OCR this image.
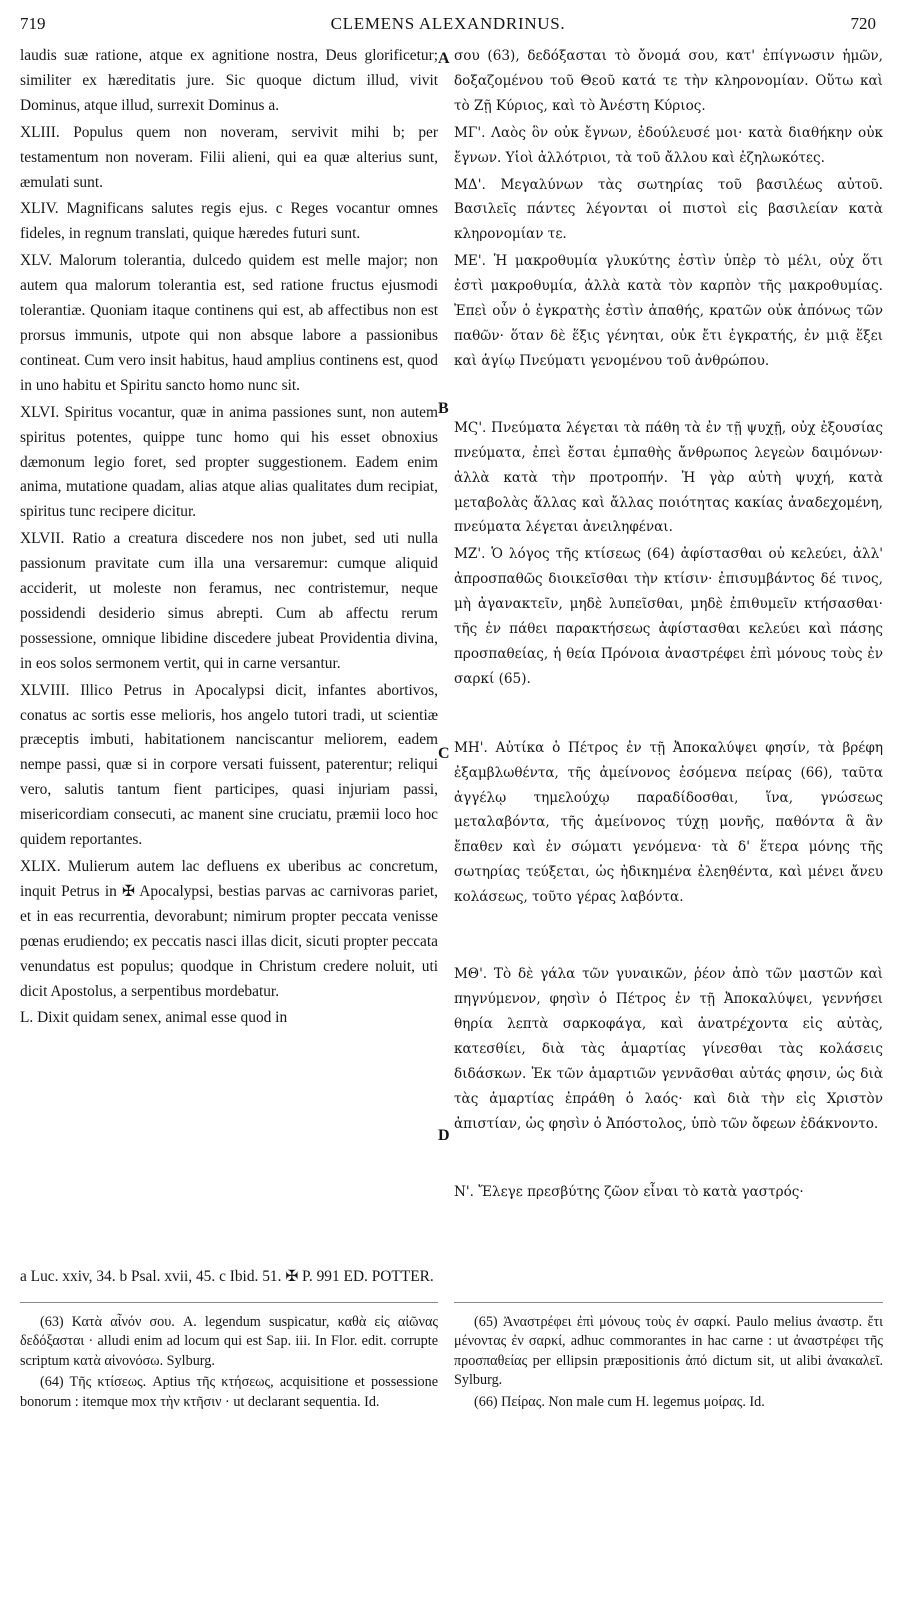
719	CLEMENS ALEXANDRINUS.	720

laudis suæ ratione, atque ex agnitione nostra, Deus glorificetur; similiter ex hæreditatis jure. Sic quoque dictum illud, vivit Dominus, atque illud, surrexit Dominus a.

XLIII. Populus quem non noveram, servivit mihi b; per testamentum non noveram. Filii alieni, qui ea quæ alterius sunt, æmulati sunt.

XLIV. Magnificans salutes regis ejus. c Reges vocantur omnes fideles, in regnum translati, quique hæredes futuri sunt.

XLV. Malorum tolerantia, dulcedo quidem est melle major; non autem qua malorum tolerantia est, sed ratione fructus ejusmodi tolerantiæ. Quoniam itaque continens qui est, ab affectibus non est prorsus immunis, utpote qui non absque labore a passionibus contineat. Cum vero insit habitus, haud amplius continens est, quod in uno habitu et Spiritu sancto homo nunc sit.

XLVI. Spiritus vocantur, quæ in anima passiones sunt, non autem spiritus potentes, quippe tunc homo qui his esset obnoxius dæmonum legio foret, sed propter suggestionem. Eadem enim anima, mutatione quadam, alias atque alias qualitates dum recipiat, spiritus tunc recipere dicitur.

XLVII. Ratio a creatura discedere nos non jubet, sed uti nulla passionum pravitate cum illa una versaremur: cumque aliquid acciderit, ut moleste non feramus, nec contristemur, neque possidendi desiderio simus abrepti. Cum ab affectu rerum possessione, omnique libidine discedere jubeat Providentia divina, in eos solos sermonem vertit, qui in carne versantur.

XLVIII. Illico Petrus in Apocalypsi dicit, infantes abortivos, conatus ac sortis esse melioris, hos angelo tutori tradi, ut scientiæ præceptis imbuti, habitationem nanciscantur meliorem, eadem nempe passi, quæ si in corpore versati fuissent, paterentur; reliqui vero, salutis tantum fient participes, quasi injuriam passi, misericordiam consecuti, ac manent sine cruciatu, præmii loco hoc quidem reportantes.

XLIX. Mulierum autem lac defluens ex uberibus ac concretum, inquit Petrus in ✠ Apocalypsi, bestias parvas ac carnivoras pariet, et in eas recurrentia, devorabunt; nimirum propter peccata venisse pœnas erudiendo; ex peccatis nasci illas dicit, sicuti propter peccata venundatus est populus; quodque in Christum credere noluit, uti dicit Apostolus, a serpentibus mordebatur.

L. Dixit quidam senex, animal esse quod in

σου (63), δεδόξασται τὸ ὄνομά σου, κατ' ἐπίγνωσιν ἡμῶν, δοξαζομένου τοῦ Θεοῦ κατά τε τὴν κληρονομίαν. Οὕτω καὶ τὸ Ζῇ Κύριος, καὶ τὸ Ἀνέστη Κύριος.

ΜΓ'. Λαὸς ὃν οὐκ ἔγνων, ἐδούλευσέ μοι· κατὰ διαθήκην οὐκ ἔγνων. Υἱοὶ ἀλλότριοι, τὰ τοῦ ἄλλου καὶ ἐζηλωκότες.

ΜΔ'. Μεγαλύνων τὰς σωτηρίας τοῦ βασιλέως αὐτοῦ. Βασιλεῖς πάντες λέγονται οἱ πιστοὶ εἰς βασιλείαν κατὰ κληρονομίαν τε.

ΜΕ'. Ἡ μακροθυμία γλυκύτης ἐστὶν ὑπὲρ τὸ μέλι, οὐχ ὅτι ἐστὶ μακροθυμία, ἀλλὰ κατὰ τὸν καρπὸν τῆς μακροθυμίας. Ἐπεὶ οὖν ὁ ἐγκρατὴς ἐστὶν ἀπαθής, κρατῶν οὐκ ἀπόνως τῶν παθῶν· ὅταν δὲ ἕξις γένηται, οὐκ ἔτι ἐγκρατής, ἐν μιᾷ ἕξει καὶ ἁγίῳ Πνεύματι γενομένου τοῦ ἀνθρώπου.

ΜϚ'. Πνεύματα λέγεται τὰ πάθη τὰ ἐν τῇ ψυχῇ, οὐχ ἐξουσίας πνεύματα, ἐπεὶ ἔσται ἐμπαθὴς ἄνθρωπος λεγεὼν δαιμόνων· ἀλλὰ κατὰ τὴν προτροπήν. Ἡ γὰρ αὐτὴ ψυχή, κατὰ μεταβολὰς ἄλλας καὶ ἄλλας ποιότητας κακίας ἀναδεχομένη, πνεύματα λέγεται ἀνειληφέναι.

ΜΖ'. Ὁ λόγος τῆς κτίσεως (64) ἀφίστασθαι οὐ κελεύει, ἀλλ' ἀπροσπαθῶς διοικεῖσθαι τὴν κτίσιν· ἐπισυμβάντος δέ τινος, μὴ ἀγανακτεῖν, μηδὲ λυπεῖσθαι, μηδὲ ἐπιθυμεῖν κτήσασθαι· τῆς ἐν πάθει παρακτήσεως ἀφίστασθαι κελεύει καὶ πάσης προσπαθείας, ἡ θεία Πρόνοια ἀναστρέφει ἐπὶ μόνους τοὺς ἐν σαρκί (65).

ΜΗ'. Αὐτίκα ὁ Πέτρος ἐν τῇ Ἀποκαλύψει φησίν, τὰ βρέφη ἐξαμβλωθέντα, τῆς ἀμείνονος ἐσόμενα πείρας (66), ταῦτα ἀγγέλῳ τημελούχῳ παραδίδοσθαι, ἵνα, γνώσεως μεταλαβόντα, τῆς ἀμείνονος τύχῃ μονῆς, παθόντα ἃ ἂν ἔπαθεν καὶ ἐν σώματι γενόμενα· τὰ δ' ἕτερα μόνης τῆς σωτηρίας τεύξεται, ὡς ἠδικημένα ἐλεηθέντα, καὶ μένει ἄνευ κολάσεως, τοῦτο γέρας λαβόντα.

ΜΘ'. Τὸ δὲ γάλα τῶν γυναικῶν, ῥέον ἀπὸ τῶν μαστῶν καὶ πηγνύμενον, φησὶν ὁ Πέτρος ἐν τῇ Ἀποκαλύψει, γεννήσει θηρία λεπτὰ σαρκοφάγα, καὶ ἀνατρέχοντα εἰς αὐτὰς, κατεσθίει, διὰ τὰς ἁμαρτίας γίνεσθαι τὰς κολάσεις διδάσκων. Ἐκ τῶν ἁμαρτιῶν γεννᾶσθαι αὐτάς φησιν, ὡς διὰ τὰς ἁμαρτίας ἐπράθη ὁ λαός· καὶ διὰ τὴν εἰς Χριστὸν ἀπιστίαν, ὡς φησὶν ὁ Ἀπόστολος, ὑπὸ τῶν ὄφεων ἐδάκνοντο.

Ν'. Ἔλεγε πρεσβύτης ζῶον εἶναι τὸ κατὰ γαστρός·

A
B
C
D
a Luc. xxiv, 34. b Psal. xvii, 45. c Ibid. 51. ✠ P. 991 ED. POTTER.

(63) Κατὰ αἶνόν σου. A. legendum suspicatur, καθὰ εἰς αἰῶνας δεδόξασται · alludi enim ad locum qui est Sap. iii. In Flor. edit. corrupte scriptum κατὰ αἰνονόσω. Sylburg.

(64) Τῆς κτίσεως. Aptius τῆς κτήσεως, acquisitione et possessione bonorum : itemque mox τὴν κτῆσιν · ut declarant sequentia. Id.

(65) Ἀναστρέφει ἐπὶ μόνους τοὺς ἐν σαρκί. Paulo melius ἀναστρ. ἔτι μένοντας ἐν σαρκί, adhuc commorantes in hac carne : ut ἀναστρέφει τῆς προσπαθείας per ellipsin præpositionis ἀπό dictum sit, ut alibi ἀνακαλεῖ. Sylburg.

(66) Πείρας. Non male cum H. legemus μοίρας. Id.
